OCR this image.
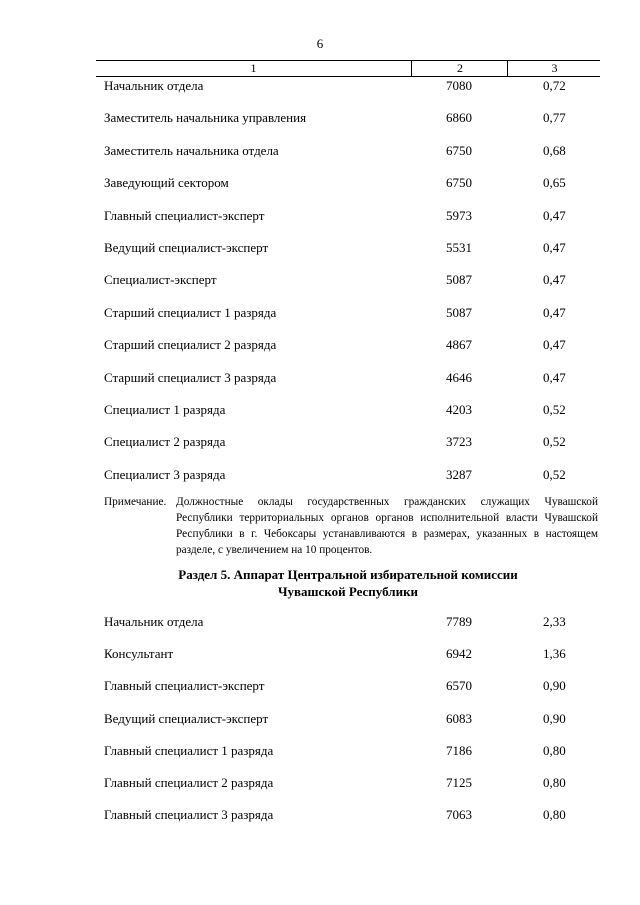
6
1	2	3
Начальник отдела	7080	0,72
Заместитель начальника управления	6860	0,77
Заместитель начальника отдела	6750	0,68
Заведующий сектором	6750	0,65
Главный специалист-эксперт	5973	0,47
Ведущий специалист-эксперт	5531	0,47
Специалист-эксперт	5087	0,47
Старший специалист 1 разряда	5087	0,47
Старший специалист 2 разряда	4867	0,47
Старший специалист 3 разряда	4646	0,47
Специалист 1 разряда	4203	0,52
Специалист 2 разряда	3723	0,52
Специалист 3 разряда	3287	0,52
Примечание. Должностные оклады государственных гражданских служащих Чувашской Республики территориальных органов органов исполнительной власти Чувашской Республики в г. Чебоксары устанавливаются в размерах, указанных в настоящем разделе, с увеличением на 10 процентов.
Раздел 5. Аппарат Центральной избирательной комиссии
Чувашской Республики
Начальник отдела	7789	2,33
Консультант	6942	1,36
Главный специалист-эксперт	6570	0,90
Ведущий специалист-эксперт	6083	0,90
Главный специалист 1 разряда	7186	0,80
Главный специалист 2 разряда	7125	0,80
Главный специалист 3 разряда	7063	0,80
